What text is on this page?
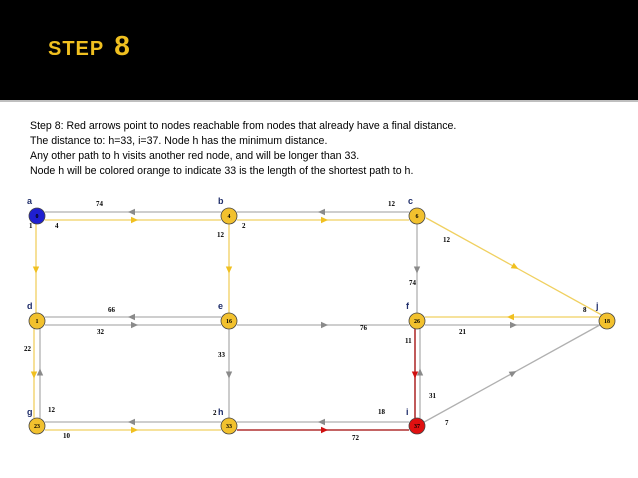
STEP 8
Step 8: Red arrows point to nodes reachable from nodes that already have a final distance.
The distance to: h=33, i=37. Node h has the minimum distance.
Any other path to h visits another red node, and will be longer than 33.
Node h will be colored orange to indicate 33 is the length of the shortest path to h.
74
4
1	2
12
12
12
74
66
32	76
8
21
22
12
33
2
10	72
18
11
31
7
0
a
4
b
6
c
1
d
16
e
26
f
18
j
23
g
33
h
37
i
